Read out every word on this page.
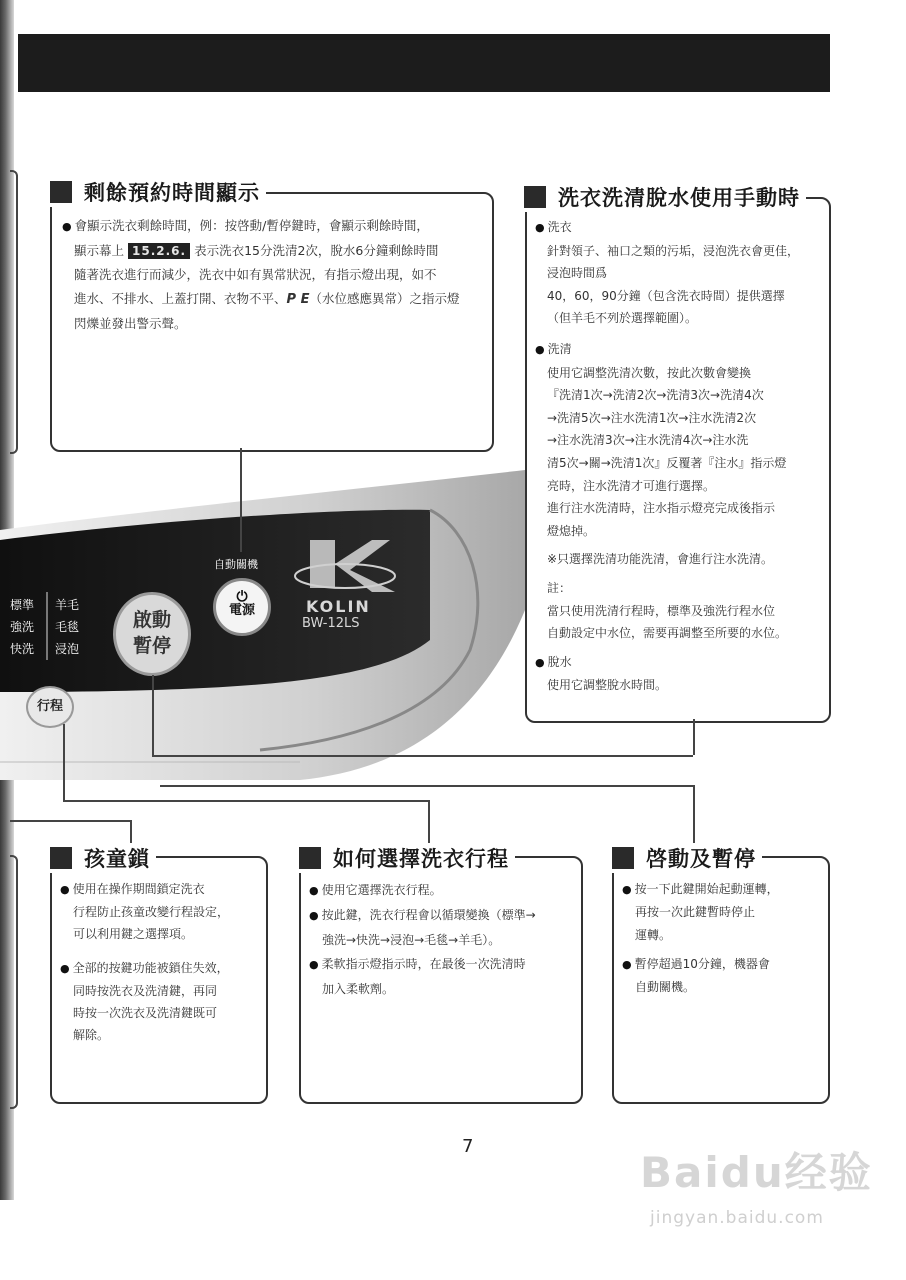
剩餘預約時間顯示
● 會顯示洗衣剩餘時間，例：按啓動/暫停鍵時，會顯示剩餘時間，
顯示幕上 15.2.6. 表示洗衣15分洗清2次，脫水6分鐘剩餘時間
隨著洗衣進行而減少，洗衣中如有異常狀況，有指示燈出現，如不
進水、不排水、上蓋打開、衣物不平、P E（水位感應異常）之指示燈
閃爍並發出警示聲。
洗衣洗清脫水使用手動時
● 洗衣
針對領子、袖口之類的污垢，浸泡洗衣會更佳，
浸泡時間爲
40，60，90分鐘（包含洗衣時間）提供選擇
（但羊毛不列於選擇範圍）。
● 洗清
使用它調整洗清次數，按此次數會變換
『洗清1次→洗清2次→洗清3次→洗清4次
→洗清5次→注水洗清1次→注水洗清2次
→注水洗清3次→注水洗清4次→注水洗
清5次→關→洗清1次』反覆著『注水』指示燈
亮時，注水洗清才可進行選擇。
進行注水洗清時，注水指示燈亮完成後指示
燈熄掉。
※只選擇洗清功能洗清，會進行注水洗清。
註：
當只使用洗清行程時，標準及強洗行程水位
自動設定中水位，需要再調整至所要的水位。
● 脫水
使用它調整脫水時間。
⏻
電源
自動關機
啟動
暫停
KOLIN
BW-12LS
標準
強洗
快洗
羊毛
毛毯
浸泡
行程
孩童鎖
● 使用在操作期間鎖定洗衣
行程防止孩童改變行程設定，
可以利用鍵之選擇項。
● 全部的按鍵功能被鎖住失效，
同時按洗衣及洗清鍵，再同
時按一次洗衣及洗清鍵既可
解除。
如何選擇洗衣行程
● 使用它選擇洗衣行程。
● 按此鍵，洗衣行程會以循環變換（標準→
強洗→快洗→浸泡→毛毯→羊毛）。
● 柔軟指示燈指示時，在最後一次洗清時
加入柔軟劑。
啓動及暫停
● 按一下此鍵開始起動運轉，
再按一次此鍵暫時停止
運轉。
● 暫停超過10分鐘，機器會
自動關機。
7
Baidu经验
jingyan.baidu.com
